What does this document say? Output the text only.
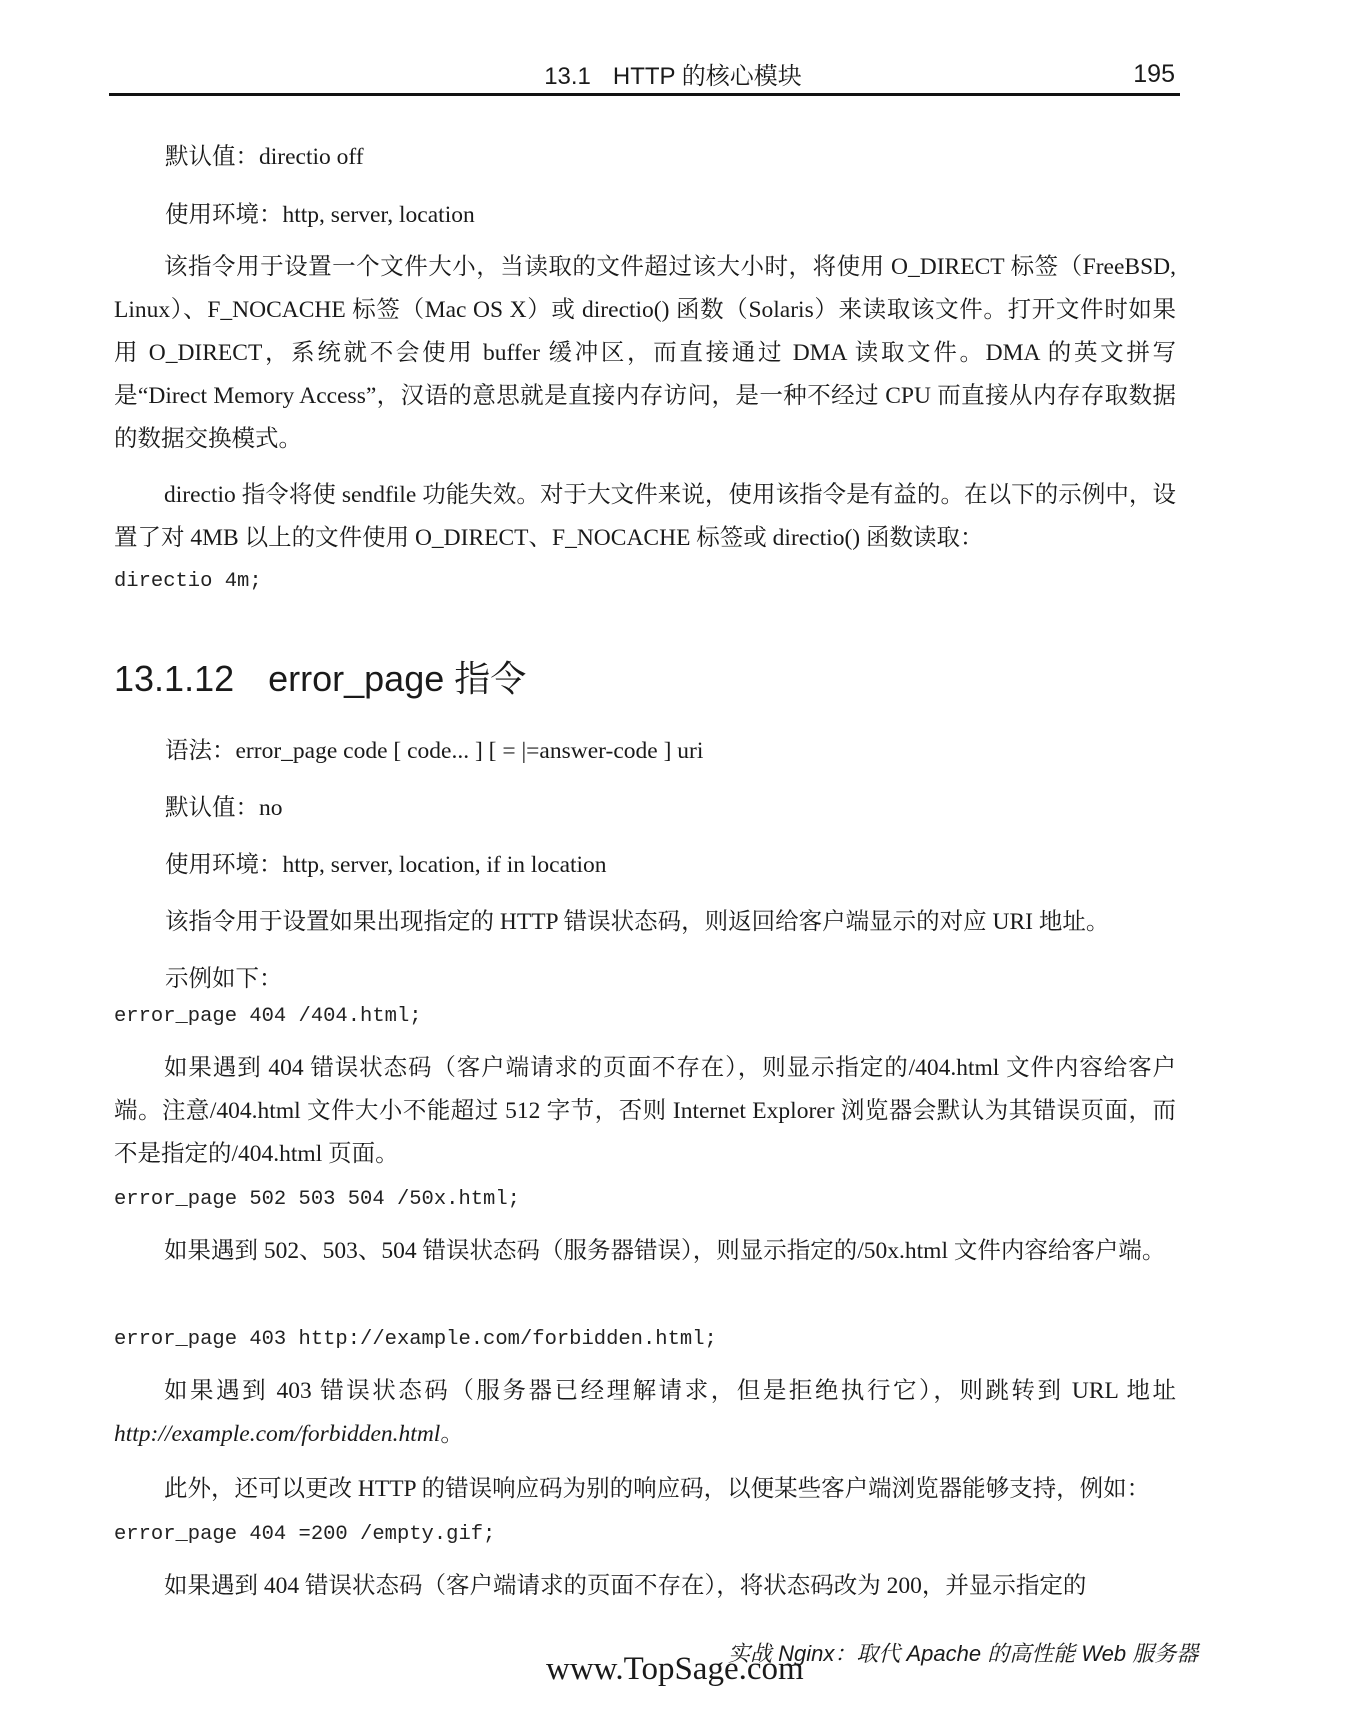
13.1 HTTP 的核心模块	195
默认值：directio off
使用环境：http, server, location
该指令用于设置一个文件大小，当读取的文件超过该大小时，将使用 O_DIRECT 标签（FreeBSD, Linux）、F_NOCACHE 标签（Mac OS X）或 directio() 函数（Solaris）来读取该文件。打开文件时如果用 O_DIRECT，系统就不会使用 buffer 缓冲区，而直接通过 DMA 读取文件。DMA 的英文拼写是“Direct Memory Access”，汉语的意思就是直接内存访问，是一种不经过 CPU 而直接从内存存取数据的数据交换模式。
directio 指令将使 sendfile 功能失效。对于大文件来说，使用该指令是有益的。在以下的示例中，设置了对 4MB 以上的文件使用 O_DIRECT、F_NOCACHE 标签或 directio() 函数读取：
directio 4m;
13.1.12 error_page 指令
语法：error_page code [ code... ] [ = |=answer-code ] uri
默认值：no
使用环境：http, server, location, if in location
该指令用于设置如果出现指定的 HTTP 错误状态码，则返回给客户端显示的对应 URI 地址。
示例如下：
error_page 404 /404.html;
如果遇到 404 错误状态码（客户端请求的页面不存在），则显示指定的/404.html 文件内容给客户端。注意/404.html 文件大小不能超过 512 字节，否则 Internet Explorer 浏览器会默认为其错误页面，而不是指定的/404.html 页面。
error_page 502 503 504 /50x.html;
如果遇到 502、503、504 错误状态码（服务器错误），则显示指定的/50x.html 文件内容给客户端。
error_page 403 http://example.com/forbidden.html;
如果遇到 403 错误状态码（服务器已经理解请求，但是拒绝执行它），则跳转到 URL 地址 http://example.com/forbidden.html。
此外，还可以更改 HTTP 的错误响应码为别的响应码，以便某些客户端浏览器能够支持，例如：
error_page 404 =200 /empty.gif;
如果遇到 404 错误状态码（客户端请求的页面不存在），将状态码改为 200，并显示指定的
实战 Nginx：取代 Apache 的高性能 Web 服务器
www.TopSage.com
